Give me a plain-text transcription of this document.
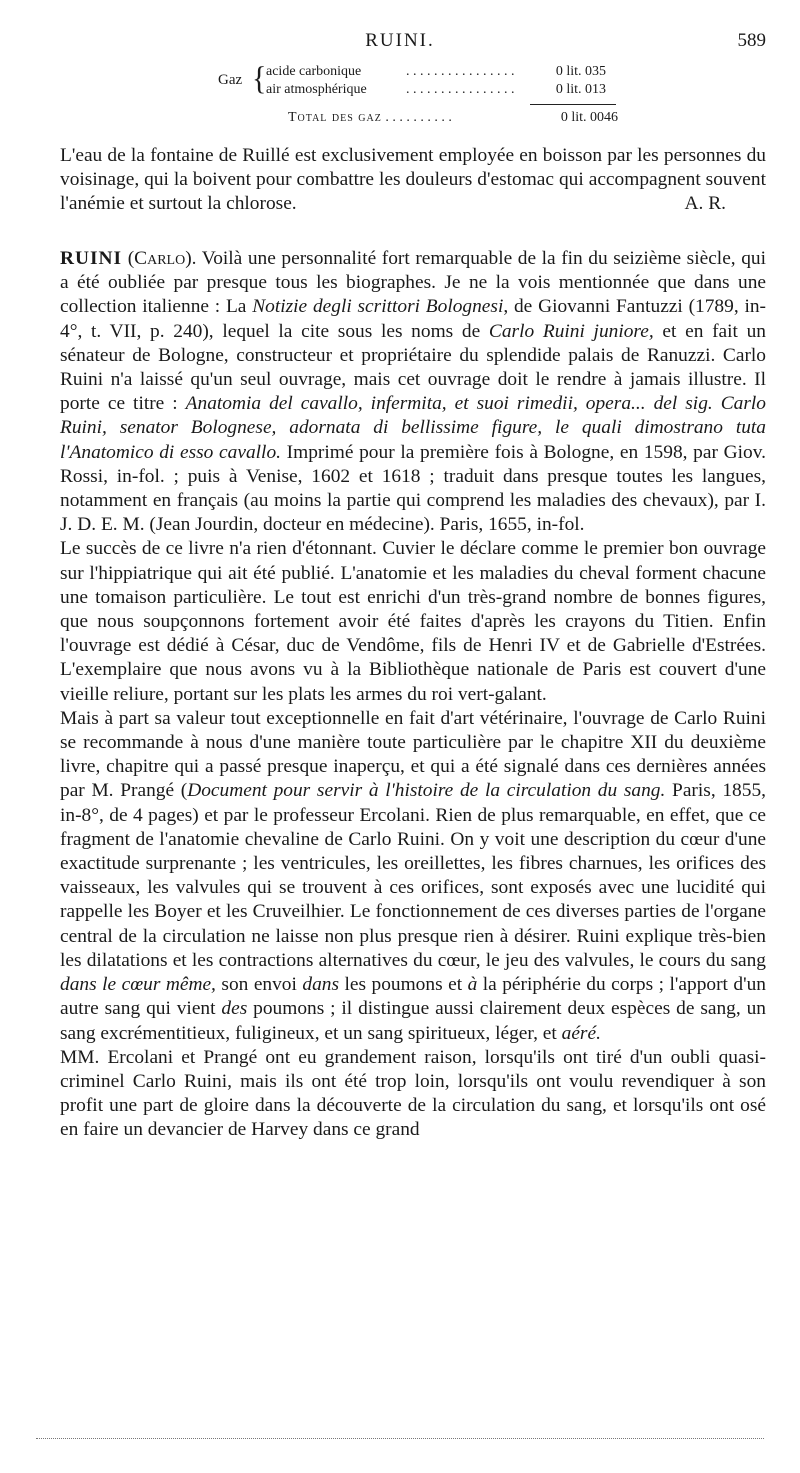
RUINI.	589
Gaz { acide carbonique	. . . . . . . . . . . . . . . .	0 lit. 035
air atmosphérique	. . . . . . . . . . . . . . . .	0 lit. 013
Total des gaz . . . . . . . . . .	0 lit. 0046

L'eau de la fontaine de Ruillé est exclusivement employée en boisson par les personnes du voisinage, qui la boivent pour combattre les douleurs d'estomac qui accompagnent souvent l'anémie et surtout la chlorose.	A. R.

RUINI (Carlo). Voilà une personnalité fort remarquable de la fin du seizième siècle, qui a été oubliée par presque tous les biographes. Je ne la vois mentionnée que dans une collection italienne : La Notizie degli scrittori Bolognesi, de Giovanni Fantuzzi (1789, in-4°, t. VII, p. 240), lequel la cite sous les noms de Carlo Ruini juniore, et en fait un sénateur de Bologne, constructeur et propriétaire du splendide palais de Ranuzzi. Carlo Ruini n'a laissé qu'un seul ouvrage, mais cet ouvrage doit le rendre à jamais illustre. Il porte ce titre : Anatomia del cavallo, infermita, et suoi rimedii, opera... del sig. Carlo Ruini, senator Bolognese, adornata di bellissime figure, le quali dimostrano tuta l'Anatomico di esso cavallo. Imprimé pour la première fois à Bologne, en 1598, par Giov. Rossi, in-fol. ; puis à Venise, 1602 et 1618 ; traduit dans presque toutes les langues, notamment en français (au moins la partie qui comprend les maladies des chevaux), par I. J. D. E. M. (Jean Jourdin, docteur en médecine). Paris, 1655, in-fol.

Le succès de ce livre n'a rien d'étonnant. Cuvier le déclare comme le premier bon ouvrage sur l'hippiatrique qui ait été publié. L'anatomie et les maladies du cheval forment chacune une tomaison particulière. Le tout est enrichi d'un très-grand nombre de bonnes figures, que nous soupçonnons fortement avoir été faites d'après les crayons du Titien. Enfin l'ouvrage est dédié à César, duc de Vendôme, fils de Henri IV et de Gabrielle d'Estrées. L'exemplaire que nous avons vu à la Bibliothèque nationale de Paris est couvert d'une vieille reliure, portant sur les plats les armes du roi vert-galant.

Mais à part sa valeur tout exceptionnelle en fait d'art vétérinaire, l'ouvrage de Carlo Ruini se recommande à nous d'une manière toute particulière par le chapitre XII du deuxième livre, chapitre qui a passé presque inaperçu, et qui a été signalé dans ces dernières années par M. Prangé (Document pour servir à l'histoire de la circulation du sang. Paris, 1855, in-8°, de 4 pages) et par le professeur Ercolani. Rien de plus remarquable, en effet, que ce fragment de l'anatomie chevaline de Carlo Ruini. On y voit une description du cœur d'une exactitude surprenante ; les ventricules, les oreillettes, les fibres charnues, les orifices des vaisseaux, les valvules qui se trouvent à ces orifices, sont exposés avec une lucidité qui rappelle les Boyer et les Cruveilhier. Le fonctionnement de ces diverses parties de l'organe central de la circulation ne laisse non plus presque rien à désirer. Ruini explique très-bien les dilatations et les contractions alternatives du cœur, le jeu des valvules, le cours du sang dans le cœur même, son envoi dans les poumons et à la périphérie du corps ; l'apport d'un autre sang qui vient des poumons ; il distingue aussi clairement deux espèces de sang, un sang excrémentitieux, fuligineux, et un sang spiritueux, léger, et aéré.

MM. Ercolani et Prangé ont eu grandement raison, lorsqu'ils ont tiré d'un oubli quasi-criminel Carlo Ruini, mais ils ont été trop loin, lorsqu'ils ont voulu revendiquer à son profit une part de gloire dans la découverte de la circulation du sang, et lorsqu'ils ont osé en faire un devancier de Harvey dans ce grand
